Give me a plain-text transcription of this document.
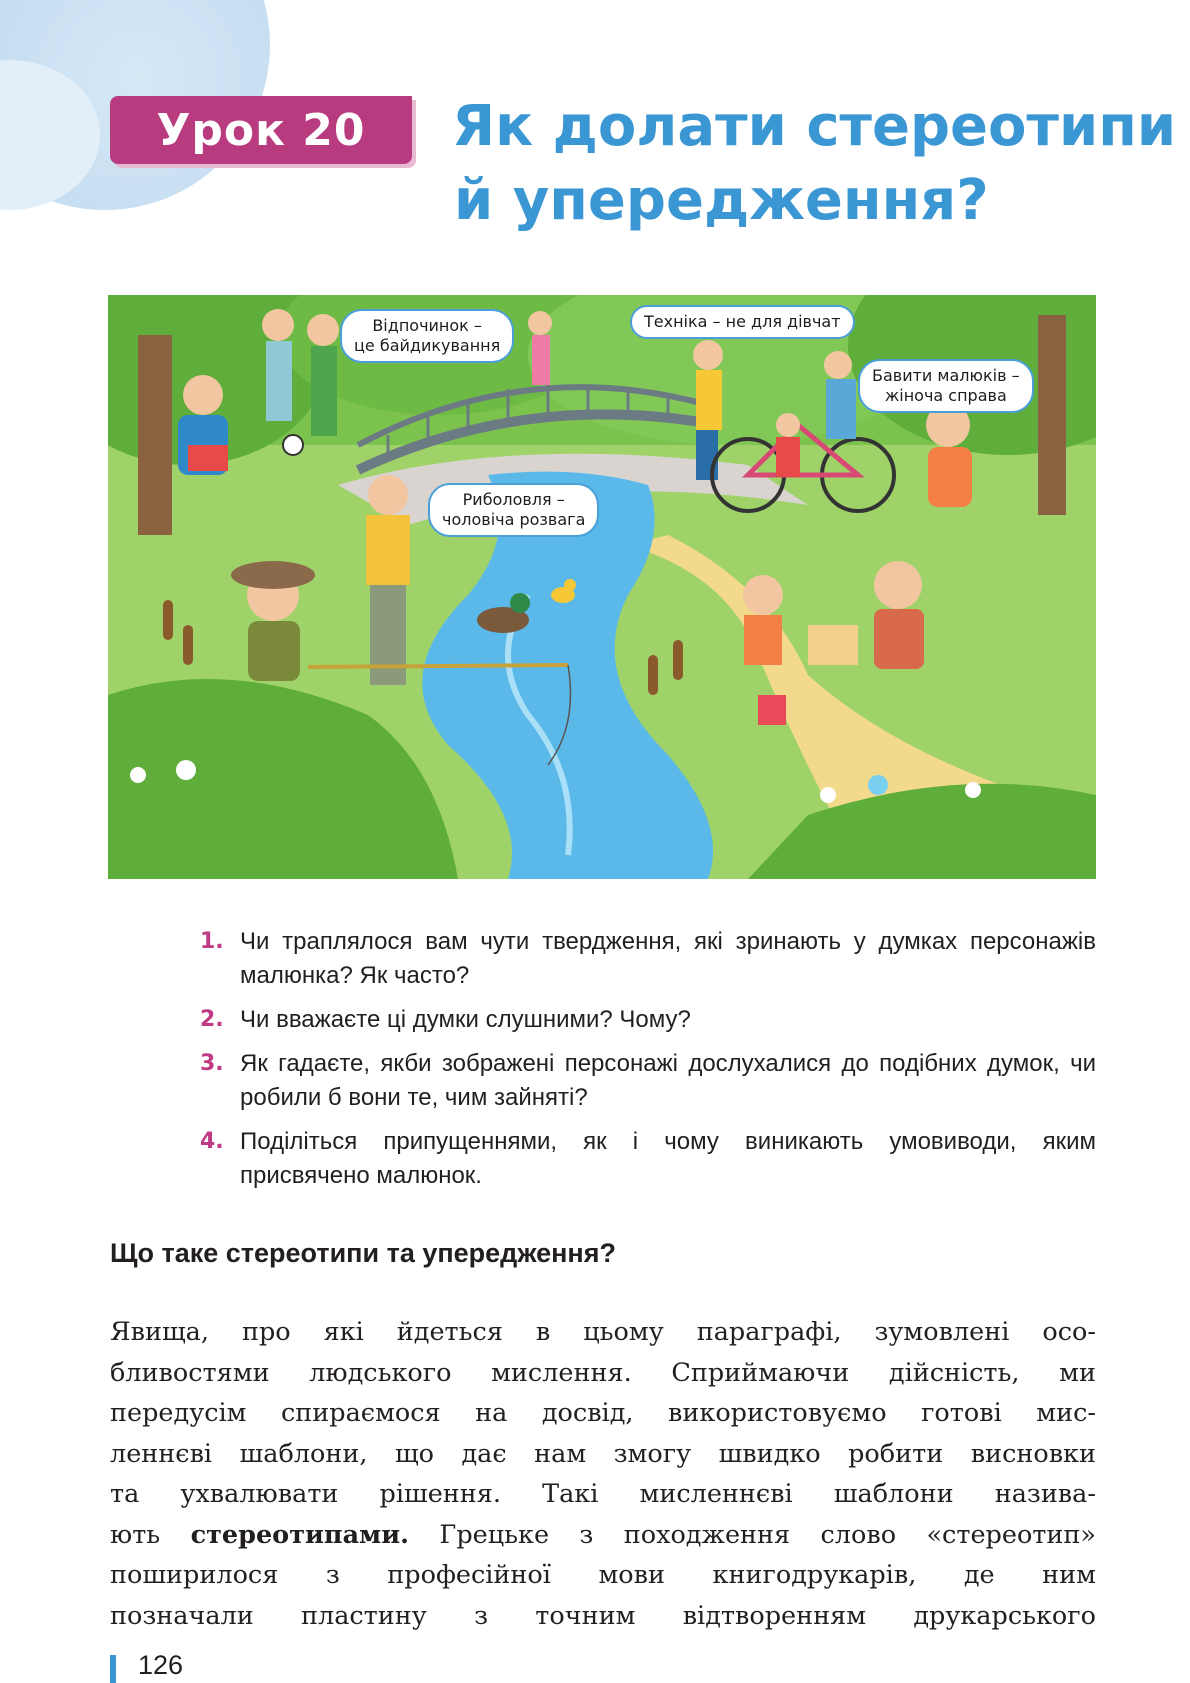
Урок 20 Як долати стереотипи
й упередження?
Відпочинок –
це байдикування
Техніка – не для дівчат
Бавити малюків –
жіноча справа
Риболовля –
чоловіча розвага
1. Чи траплялося вам чути твердження, які зринають у думках персонажів малюнка? Як часто?
2. Чи вважаєте ці думки слушними? Чому?
3. Як гадаєте, якби зображені персонажі дослухалися до подібних думок, чи робили б вони те, чим зайняті?
4. Поділіться припущеннями, як і чому виникають умовиводи, яким присвячено малюнок.
Що таке стереотипи та упередження?
Явища, про які йдеться в цьому параграфі, зумовлені осо-
бливостями людського мислення. Сприймаючи дійсність, ми
передусім спираємося на досвід, використовуємо готові мис-
леннєві шаблони, що дає нам змогу швидко робити висновки
та ухвалювати рішення. Такі мисленнєві шаблони назива-
ють стереотипами. Грецьке з походження слово «стереотип»
поширилося з професійної мови книгодрукарів, де ним
позначали пластину з точним відтворенням друкарського
126
